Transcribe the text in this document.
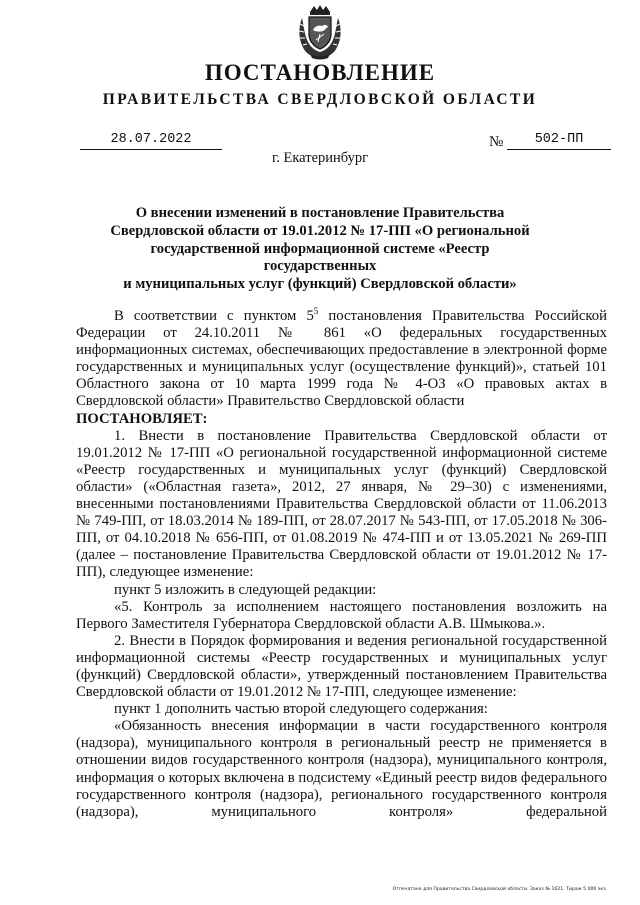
ПОСТАНОВЛЕНИЕ
ПРАВИТЕЛЬСТВА СВЕРДЛОВСКОЙ ОБЛАСТИ
28.07.2022	№	502-ПП
г. Екатеринбург
О внесении изменений в постановление Правительства
Свердловской области от 19.01.2012 № 17-ПП «О региональной
государственной информационной системе «Реестр государственных
и муниципальных услуг (функций) Свердловской области»

В соответствии с пунктом $5^5$ постановления Правительства Российской Федерации от 24.10.2011 № 861 «О федеральных государственных информационных системах, обеспечивающих предоставление в электронной форме государственных и муниципальных услуг (осуществление функций)», статьей 101 Областного закона от 10 марта 1999 года № 4-ОЗ «О правовых актах в Свердловской области» Правительство Свердловской области

ПОСТАНОВЛЯЕТ:

1. Внести в постановление Правительства Свердловской области от 19.01.2012 № 17-ПП «О региональной государственной информационной системе «Реестр государственных и муниципальных услуг (функций) Свердловской области» («Областная газета», 2012, 27 января, № 29–30) с изменениями, внесенными постановлениями Правительства Свердловской области от 11.06.2013 № 749-ПП, от 18.03.2014 № 189-ПП, от 28.07.2017 № 543-ПП, от 17.05.2018 № 306-ПП, от 04.10.2018 № 656-ПП, от 01.08.2019 № 474-ПП и от 13.05.2021 № 269-ПП (далее – постановление Правительства Свердловской области от 19.01.2012 № 17-ПП), следующее изменение:

пункт 5 изложить в следующей редакции:

«5. Контроль за исполнением настоящего постановления возложить на Первого Заместителя Губернатора Свердловской области А.В. Шмыкова.».

2. Внести в Порядок формирования и ведения региональной государственной информационной системы «Реестр государственных и муниципальных услуг (функций) Свердловской области», утвержденный постановлением Правительства Свердловской области от 19.01.2012 № 17-ПП, следующее изменение:

пункт 1 дополнить частью второй следующего содержания:

«Обязанность внесения информации в части государственного контроля (надзора), муниципального контроля в региональный реестр не применяется в отношении видов государственного контроля (надзора), муниципального контроля, информация о которых включена в подсистему «Единый реестр видов федерального государственного контроля (надзора), регионального государственного контроля (надзора), муниципального контроля» федеральной

Отпечатано для Правительства Свердловской области. Заказ № 1621. Тираж 5 000 экз.
